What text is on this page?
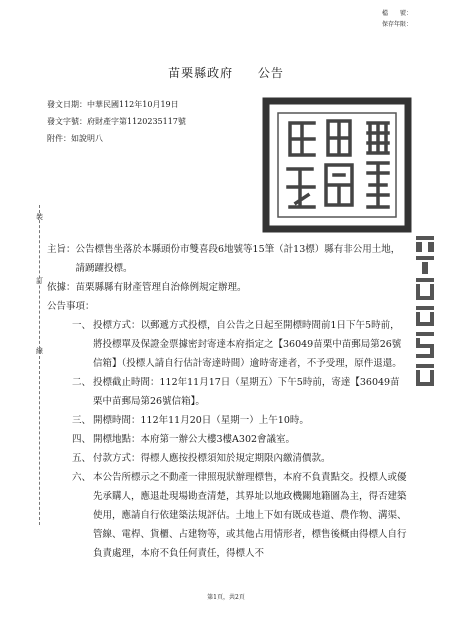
檔　　號：
保存年限：
苗栗縣政府 公告
發文日期：中華民國112年10月19日
發文字號：府財產字第1120235117號
附件：如說明八
裝
訂
線
主旨： 公告標售坐落於本縣頭份市雙喜段6地號等15筆（計13標）縣有非公用土地，請踴躍投標。
依據： 苗栗縣縣有財產管理自治條例規定辦理。

公告事項：

一、 投標方式：以郵遞方式投標，自公告之日起至開標時間前1日下午5時前，將投標單及保證金票據密封寄達本府指定之【36049苗栗中苗郵局第26號信箱】（投標人請自行估計寄達時間）逾時寄達者，不予受理，原件退還。
二、 投標截止時間：112年11月17日（星期五）下午5時前，寄達【36049苗栗中苗郵局第26號信箱】。
三、 開標時間：112年11月20日（星期一）上午10時。
四、 開標地點：本府第一辦公大樓3樓A302會議室。
五、 付款方式：得標人應按投標須知於規定期限內繳清價款。
六、 本公告所標示之不動產一律照現狀辦理標售，本府不負責點交。投標人或優先承購人，應退赴現場勘查清楚，其界址以地政機關地籍圖為主，得否建築使用，應請自行依建築法規評估。土地上下如有既成巷道、農作物、溝渠、管線、電桿、貨櫃、占建物等，或其他占用情形者，標售後概由得標人自行負責處理，本府不負任何責任，得標人不
第1頁，共2頁
